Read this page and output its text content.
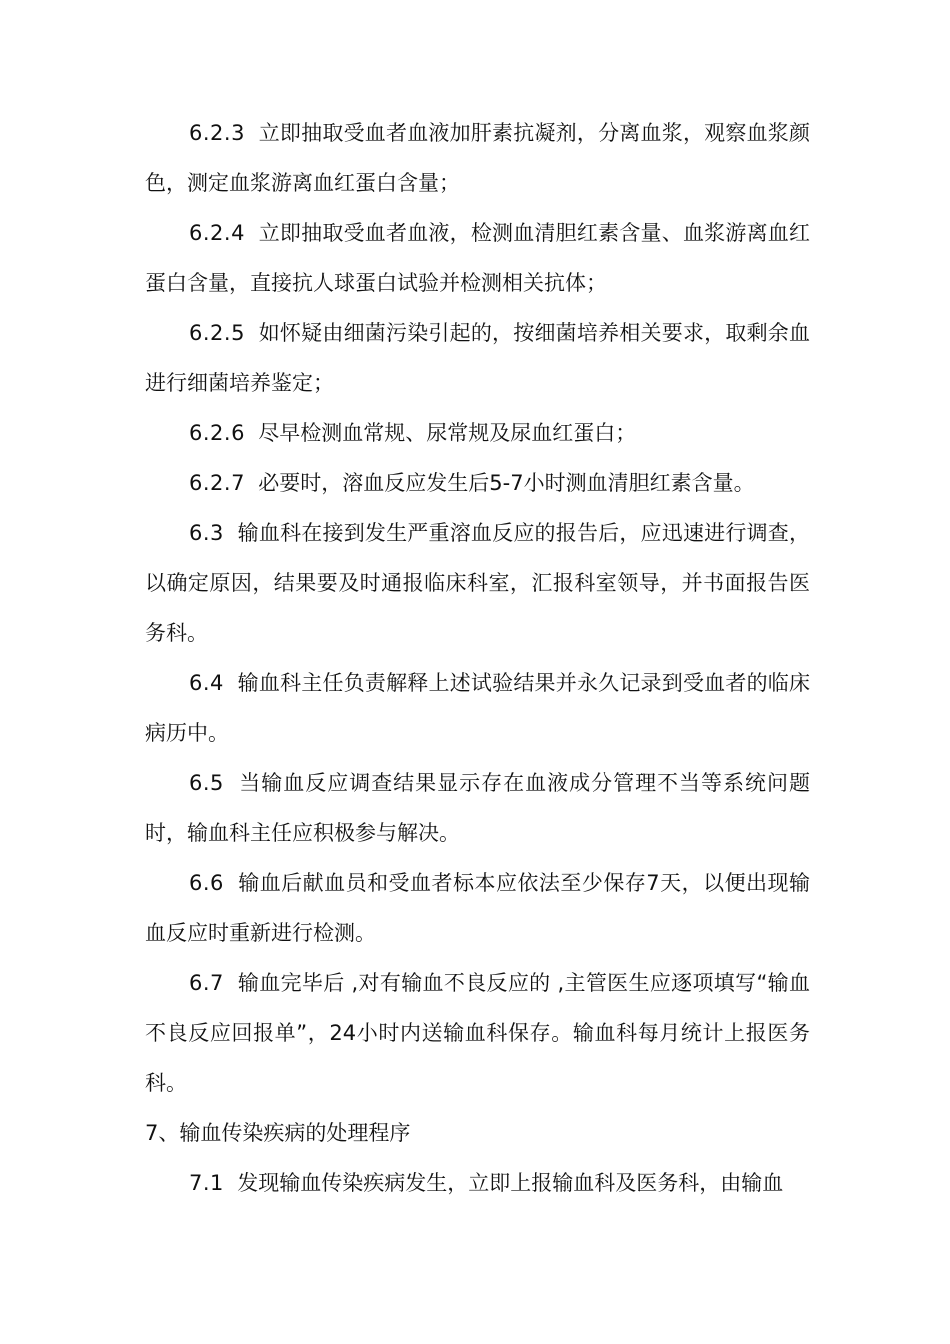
6.2.3 立即抽取受血者血液加肝素抗凝剂，分离血浆，观察血浆颜色，测定血浆游离血红蛋白含量；

6.2.4 立即抽取受血者血液，检测血清胆红素含量、血浆游离血红蛋白含量，直接抗人球蛋白试验并检测相关抗体；

6.2.5 如怀疑由细菌污染引起的，按细菌培养相关要求，取剩余血进行细菌培养鉴定；

6.2.6 尽早检测血常规、尿常规及尿血红蛋白；

6.2.7 必要时，溶血反应发生后5-7小时测血清胆红素含量。

6.3 输血科在接到发生严重溶血反应的报告后，应迅速进行调查，以确定原因，结果要及时通报临床科室，汇报科室领导，并书面报告医务科。

6.4 输血科主任负责解释上述试验结果并永久记录到受血者的临床病历中。

6.5 当输血反应调查结果显示存在血液成分管理不当等系统问题时，输血科主任应积极参与解决。

6.6 输血后献血员和受血者标本应依法至少保存7天，以便出现输血反应时重新进行检测。

6.7 输血完毕后 ,对有输血不良反应的 ,主管医生应逐项填写“输血不良反应回报单”，24小时内送输血科保存。输血科每月统计上报医务科。

7、输血传染疾病的处理程序

7.1 发现输血传染疾病发生，立即上报输血科及医务科，由输血
